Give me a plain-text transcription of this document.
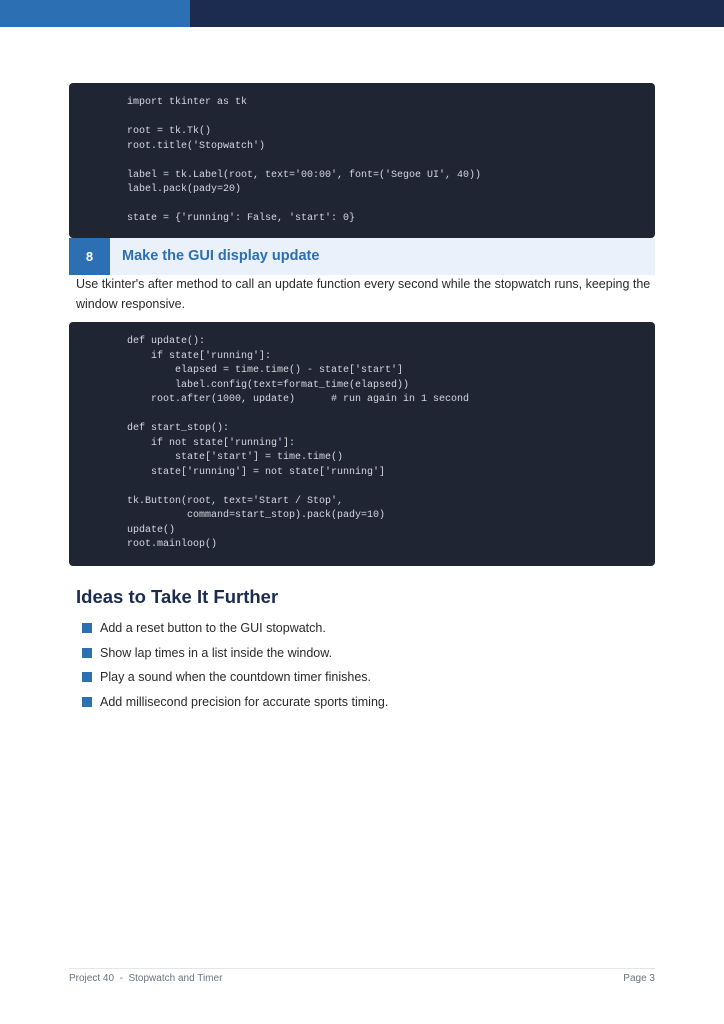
import tkinter as tk
root = tk.Tk()
root.title('Stopwatch')
label = tk.Label(root, text='00:00', font=('Segoe UI', 40))
label.pack(pady=20)
state = {'running': False, 'start': 0}
8	Make the GUI display update

Use tkinter's after method to call an update function every second while the stopwatch runs, keeping the window responsive.

def update():
if state['running']:
elapsed = time.time() - state['start']
label.config(text=format_time(elapsed))
root.after(1000, update)      # run again in 1 second
def start_stop():
if not state['running']:
state['start'] = time.time()
state['running'] = not state['running']
tk.Button(root, text='Start / Stop',
command=start_stop).pack(pady=10)
update()
root.mainloop()
Ideas to Take It Further
Add a reset button to the GUI stopwatch.
Show lap times in a list inside the window.
Play a sound when the countdown timer finishes.
Add millisecond precision for accurate sports timing.
Project 40  -  Stopwatch and Timer	Page 3
